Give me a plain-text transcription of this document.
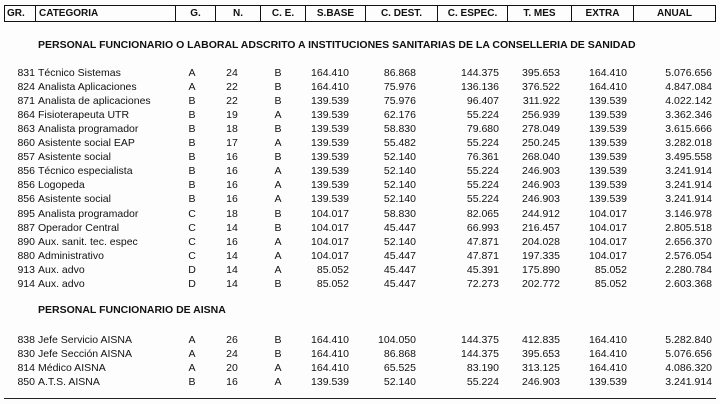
GR.	CATEGORIA	G.	N.	C. E.	S.BASE	C. DEST.	C. ESPEC.	T. MES	EXTRA	ANUAL
PERSONAL FUNCIONARIO O LABORAL ADSCRITO A INSTITUCIONES SANITARIAS DE LA CONSELLERIA DE SANIDAD
831 Técnico Sistemas	A	24	B	164.410	86.868	144.375	395.653	164.410	5.076.656
824 Analista Aplicaciones	A	22	B	164.410	75.976	136.136	376.522	164.410	4.847.084
871 Analista de aplicaciones	B	22	B	139.539	75.976	96.407	311.922	139.539	4.022.142
864 Fisioterapeuta UTR	B	19	A	139.539	62.176	55.224	256.939	139.539	3.362.346
863 Analista programador	B	18	B	139.539	58.830	79.680	278.049	139.539	3.615.666
860 Asistente social EAP	B	17	A	139.539	55.482	55.224	250.245	139.539	3.282.018
857 Asistente social	B	16	B	139.539	52.140	76.361	268.040	139.539	3.495.558
856 Técnico especialista	B	16	A	139.539	52.140	55.224	246.903	139.539	3.241.914
856 Logopeda	B	16	A	139.539	52.140	55.224	246.903	139.539	3.241.914
856 Asistente social	B	16	A	139.539	52.140	55.224	246.903	139.539	3.241.914
895 Analista programador	C	18	B	104.017	58.830	82.065	244.912	104.017	3.146.978
887 Operador Central	C	14	B	104.017	45.447	66.993	216.457	104.017	2.805.518
890 Aux. sanit. tec. espec	C	16	A	104.017	52.140	47.871	204.028	104.017	2.656.370
880 Administrativo	C	14	A	104.017	45.447	47.871	197.335	104.017	2.576.054
913 Aux. advo	D	14	A	85.052	45.447	45.391	175.890	85.052	2.280.784
914 Aux. advo	D	14	B	85.052	45.447	72.273	202.772	85.052	2.603.368
PERSONAL FUNCIONARIO DE AISNA
838 Jefe Servicio AISNA	A	26	B	164.410	104.050	144.375	412.835	164.410	5.282.840
830 Jefe Sección AISNA	A	24	B	164.410	86.868	144.375	395.653	164.410	5.076.656
814 Médico AISNA	A	20	A	164.410	65.525	83.190	313.125	164.410	4.086.320
850 A.T.S. AISNA	B	16	A	139.539	52.140	55.224	246.903	139.539	3.241.914
